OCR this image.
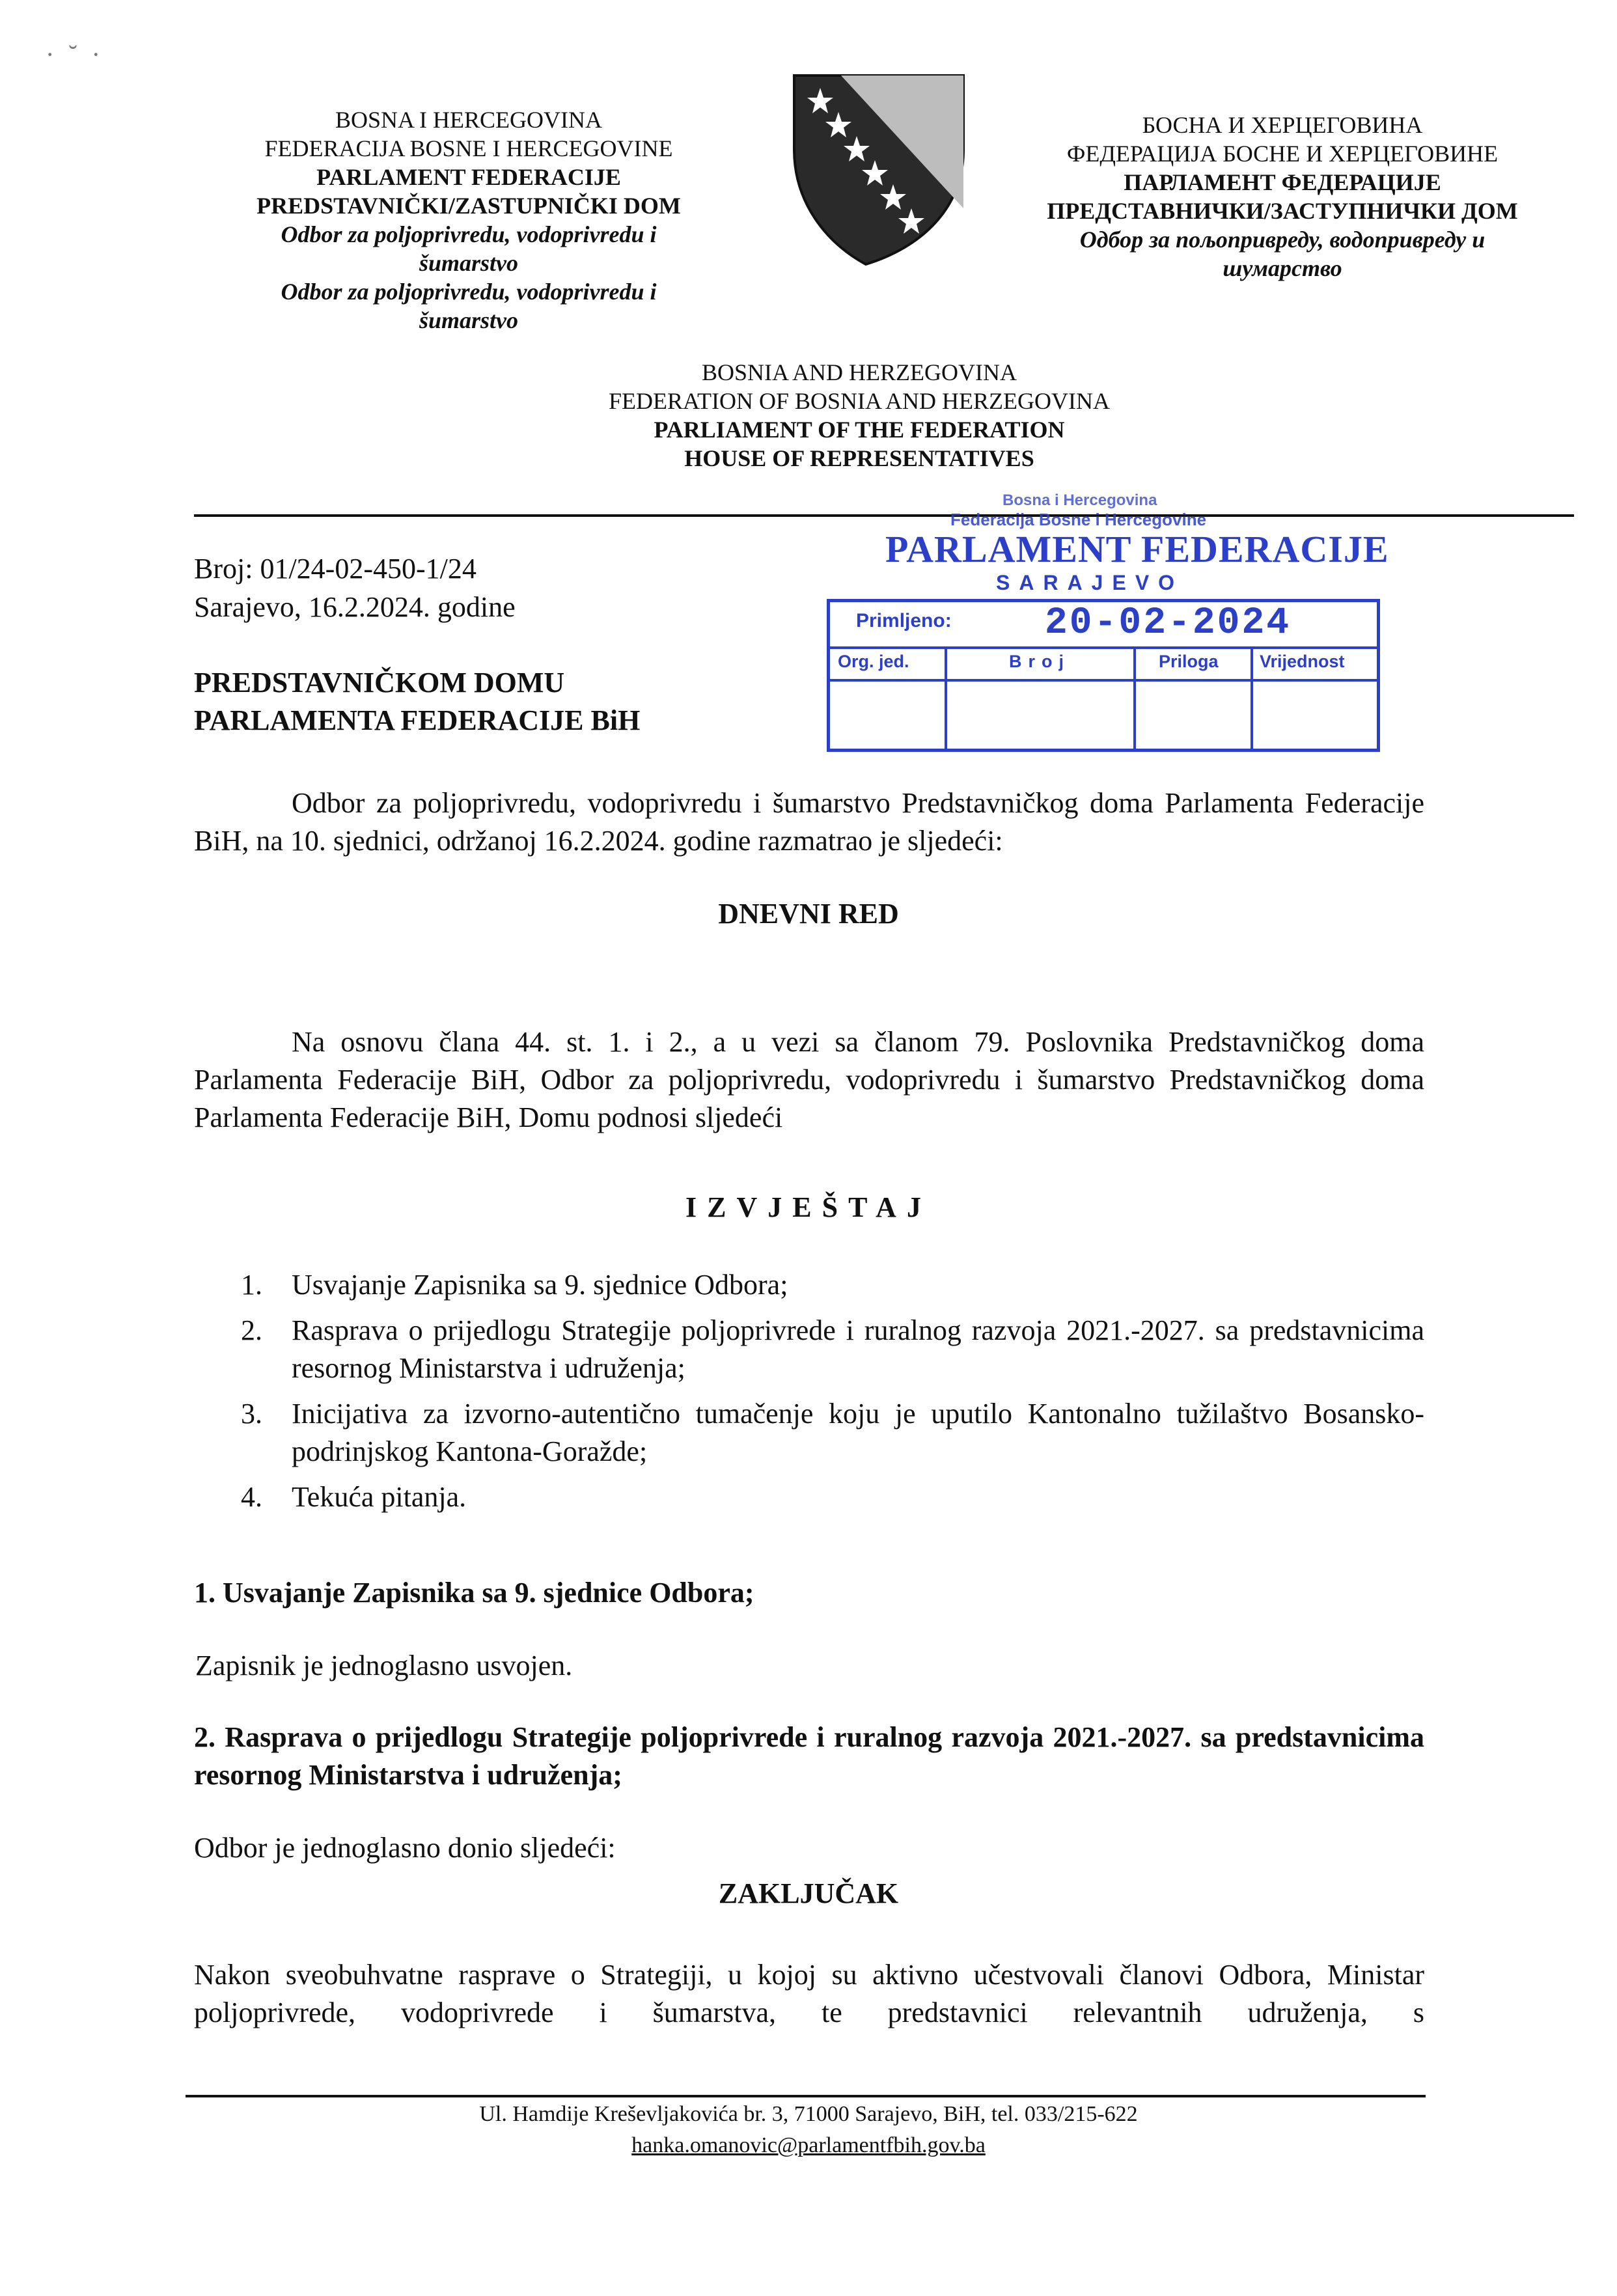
· ˘ ·
BOSNA I HERCEGOVINA
FEDERACIJA BOSNE I HERCEGOVINE
PARLAMENT FEDERACIJE
PREDSTAVNIČKI/ZASTUPNIČKI DOM
Odbor za poljoprivredu, vodoprivredu i
šumarstvo
Odbor za poljoprivredu, vodoprivredu i
šumarstvo
БОСНА И ХЕРЦЕГОВИНА
ФЕДЕРАЦИЈА БОСНЕ И ХЕРЦЕГОВИНЕ
ПАРЛАМЕНТ ФЕДЕРАЦИЈЕ
ПРЕДСТАВНИЧКИ/ЗАСТУПНИЧКИ ДОМ
Одбор за пољопривреду, водопривреду и
шумарство
BOSNIA AND HERZEGOVINA
FEDERATION OF BOSNIA AND HERZEGOVINA
PARLIAMENT OF THE FEDERATION
HOUSE OF REPRESENTATIVES
Bosna i Hercegovina
Federacija Bosne i Hercegovine
PARLAMENT FEDERACIJE
SARAJEVO
Primljeno: 20-02-2024
Org. jed.	Broj	Priloga	Vrijednost
Broj: 01/24-02-450-1/24
Sarajevo, 16.2.2024. godine
PREDSTAVNIČKOM DOMU
PARLAMENTA FEDERACIJE BiH
Odbor za poljoprivredu, vodoprivredu i šumarstvo Predstavničkog doma Parlamenta Federacije BiH, na 10. sjednici, održanoj 16.2.2024. godine razmatrao je sljedeći:
DNEVNI RED
Na osnovu člana 44. st. 1. i 2., a u vezi sa članom 79. Poslovnika Predstavničkog doma Parlamenta Federacije BiH, Odbor za poljoprivredu, vodoprivredu i šumarstvo Predstavničkog doma Parlamenta Federacije BiH, Domu podnosi sljedeći
IZVJEŠTAJ
1. Usvajanje Zapisnika sa 9. sjednice Odbora;
2. Rasprava o prijedlogu Strategije poljoprivrede i ruralnog razvoja 2021.-2027. sa predstavnicima resornog Ministarstva i udruženja;
3. Inicijativa za izvorno-autentično tumačenje koju je uputilo Kantonalno tužilaštvo Bosansko-podrinjskog Kantona-Goražde;
4. Tekuća pitanja.
1. Usvajanje Zapisnika sa 9. sjednice Odbora;
Zapisnik je jednoglasno usvojen.
2. Rasprava o prijedlogu Strategije poljoprivrede i ruralnog razvoja 2021.-2027. sa predstavnicima resornog Ministarstva i udruženja;
Odbor je jednoglasno donio sljedeći:
ZAKLJUČAK
Nakon sveobuhvatne rasprave o Strategiji, u kojoj su aktivno učestvovali članovi Odbora, Ministar poljoprivrede, vodoprivrede i šumarstva, te predstavnici relevantnih udruženja, s
Ul. Hamdije Kreševljakovića br. 3, 71000 Sarajevo, BiH, tel. 033/215-622
hanka.omanovic@parlamentfbih.gov.ba
